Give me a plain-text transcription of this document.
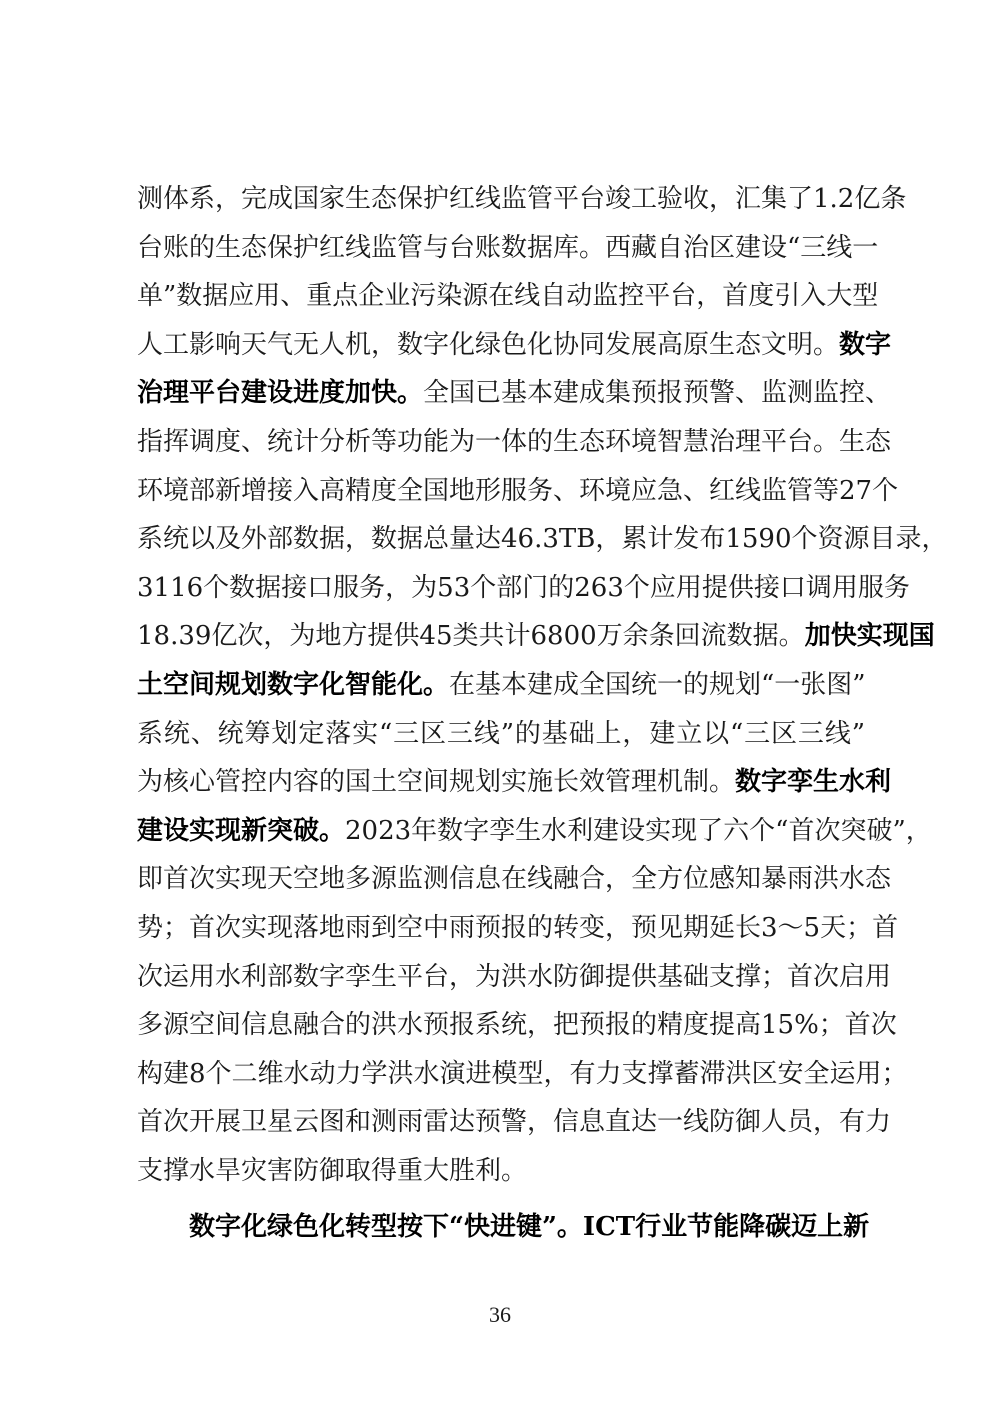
测体系，完成国家生态保护红线监管平台竣工验收，汇集了1.2亿条
台账的生态保护红线监管与台账数据库。西藏自治区建设“三线一
单”数据应用、重点企业污染源在线自动监控平台，首度引入大型
人工影响天气无人机，数字化绿色化协同发展高原生态文明。数字
治理平台建设进度加快。全国已基本建成集预报预警、监测监控、
指挥调度、统计分析等功能为一体的生态环境智慧治理平台。生态
环境部新增接入高精度全国地形服务、环境应急、红线监管等27个
系统以及外部数据，数据总量达46.3TB，累计发布1590个资源目录，
3116个数据接口服务，为53个部门的263个应用提供接口调用服务
18.39亿次，为地方提供45类共计6800万余条回流数据。加快实现国
土空间规划数字化智能化。在基本建成全国统一的规划“一张图”
系统、统筹划定落实“三区三线”的基础上，建立以“三区三线”
为核心管控内容的国土空间规划实施长效管理机制。数字孪生水利
建设实现新突破。2023年数字孪生水利建设实现了六个“首次突破”，
即首次实现天空地多源监测信息在线融合，全方位感知暴雨洪水态
势；首次实现落地雨到空中雨预报的转变，预见期延长3～5天；首
次运用水利部数字孪生平台，为洪水防御提供基础支撑；首次启用
多源空间信息融合的洪水预报系统，把预报的精度提高15%；首次
构建8个二维水动力学洪水演进模型，有力支撑蓄滞洪区安全运用；
首次开展卫星云图和测雨雷达预警，信息直达一线防御人员，有力
支撑水旱灾害防御取得重大胜利。
数字化绿色化转型按下“快进键”。ICT行业节能降碳迈上新
36
